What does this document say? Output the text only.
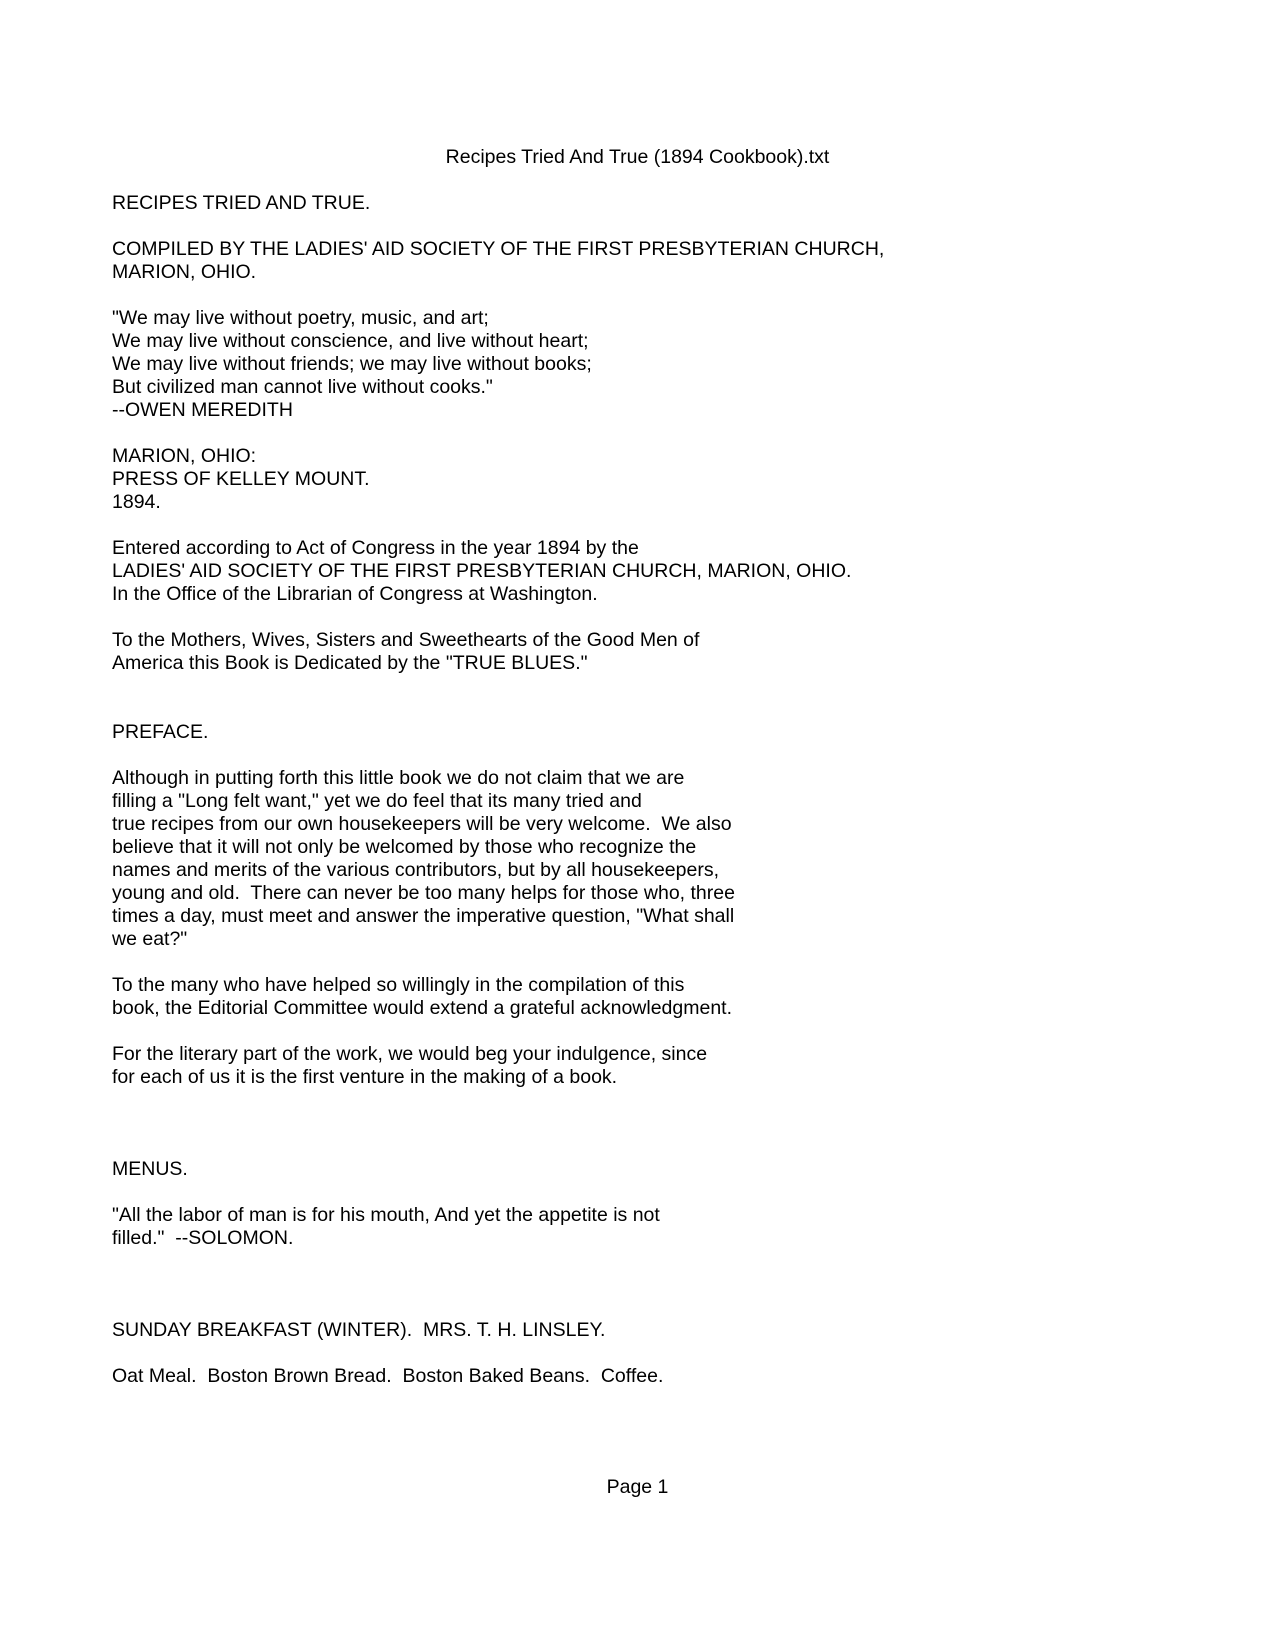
Recipes Tried And True (1894 Cookbook).txt
RECIPES TRIED AND TRUE.
COMPILED BY THE LADIES' AID SOCIETY OF THE FIRST PRESBYTERIAN CHURCH,
MARION, OHIO.
"We may live without poetry, music, and art;
We may live without conscience, and live without heart;
We may live without friends; we may live without books;
But civilized man cannot live without cooks."
--OWEN MEREDITH
MARION, OHIO:
PRESS OF KELLEY MOUNT.
1894.
Entered according to Act of Congress in the year 1894 by the
LADIES' AID SOCIETY OF THE FIRST PRESBYTERIAN CHURCH, MARION, OHIO.
In the Office of the Librarian of Congress at Washington.
To the Mothers, Wives, Sisters and Sweethearts of the Good Men of
America this Book is Dedicated by the "TRUE BLUES."
PREFACE.
Although in putting forth this little book we do not claim that we are
filling a "Long felt want," yet we do feel that its many tried and
true recipes from our own housekeepers will be very welcome.  We also
believe that it will not only be welcomed by those who recognize the
names and merits of the various contributors, but by all housekeepers,
young and old.  There can never be too many helps for those who, three
times a day, must meet and answer the imperative question, "What shall
we eat?"
To the many who have helped so willingly in the compilation of this
book, the Editorial Committee would extend a grateful acknowledgment.
For the literary part of the work, we would beg your indulgence, since
for each of us it is the first venture in the making of a book.
MENUS.
"All the labor of man is for his mouth, And yet the appetite is not
filled."  --SOLOMON.
SUNDAY BREAKFAST (WINTER).  MRS. T. H. LINSLEY.
Oat Meal.  Boston Brown Bread.  Boston Baked Beans.  Coffee.
Page 1
